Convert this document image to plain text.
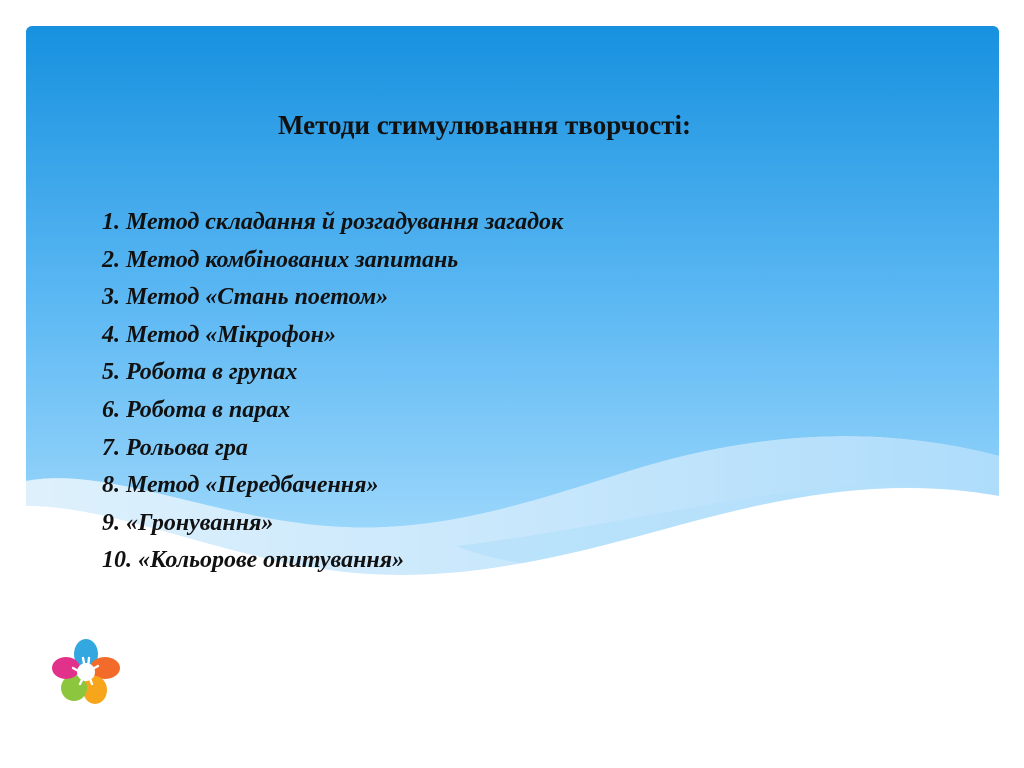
Методи стимулювання творчості:
1. Метод складання й розгадування загадок
2. Метод комбінованих запитань
3. Метод «Стань поетом»
4. Метод «Мікрофон»
5. Робота в групах
6. Робота в парах
7. Рольова гра
8. Метод «Передбачення»
9. «Гронування»
10. «Кольорове опитування»
